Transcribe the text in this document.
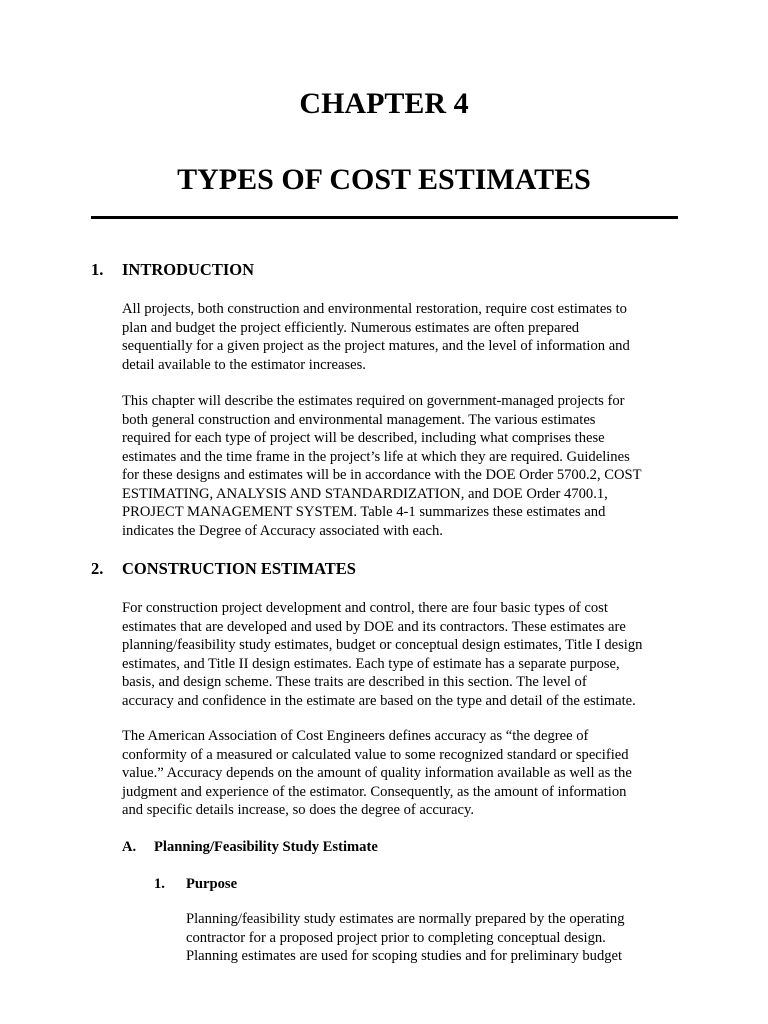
CHAPTER 4
TYPES OF COST ESTIMATES
1. INTRODUCTION
All projects, both construction and environmental restoration, require cost estimates to
plan and budget the project efficiently. Numerous estimates are often prepared
sequentially for a given project as the project matures, and the level of information and
detail available to the estimator increases.
This chapter will describe the estimates required on government-managed projects for
both general construction and environmental management. The various estimates
required for each type of project will be described, including what comprises these
estimates and the time frame in the project’s life at which they are required. Guidelines
for these designs and estimates will be in accordance with the DOE Order 5700.2, COST
ESTIMATING, ANALYSIS AND STANDARDIZATION, and DOE Order 4700.1,
PROJECT MANAGEMENT SYSTEM. Table 4-1 summarizes these estimates and
indicates the Degree of Accuracy associated with each.
2. CONSTRUCTION ESTIMATES
For construction project development and control, there are four basic types of cost
estimates that are developed and used by DOE and its contractors. These estimates are
planning/feasibility study estimates, budget or conceptual design estimates, Title I design
estimates, and Title II design estimates. Each type of estimate has a separate purpose,
basis, and design scheme. These traits are described in this section. The level of
accuracy and confidence in the estimate are based on the type and detail of the estimate.
The American Association of Cost Engineers defines accuracy as “the degree of
conformity of a measured or calculated value to some recognized standard or specified
value.” Accuracy depends on the amount of quality information available as well as the
judgment and experience of the estimator. Consequently, as the amount of information
and specific details increase, so does the degree of accuracy.
A. Planning/Feasibility Study Estimate
1. Purpose
Planning/feasibility study estimates are normally prepared by the operating
contractor for a proposed project prior to completing conceptual design.
Planning estimates are used for scoping studies and for preliminary budget
